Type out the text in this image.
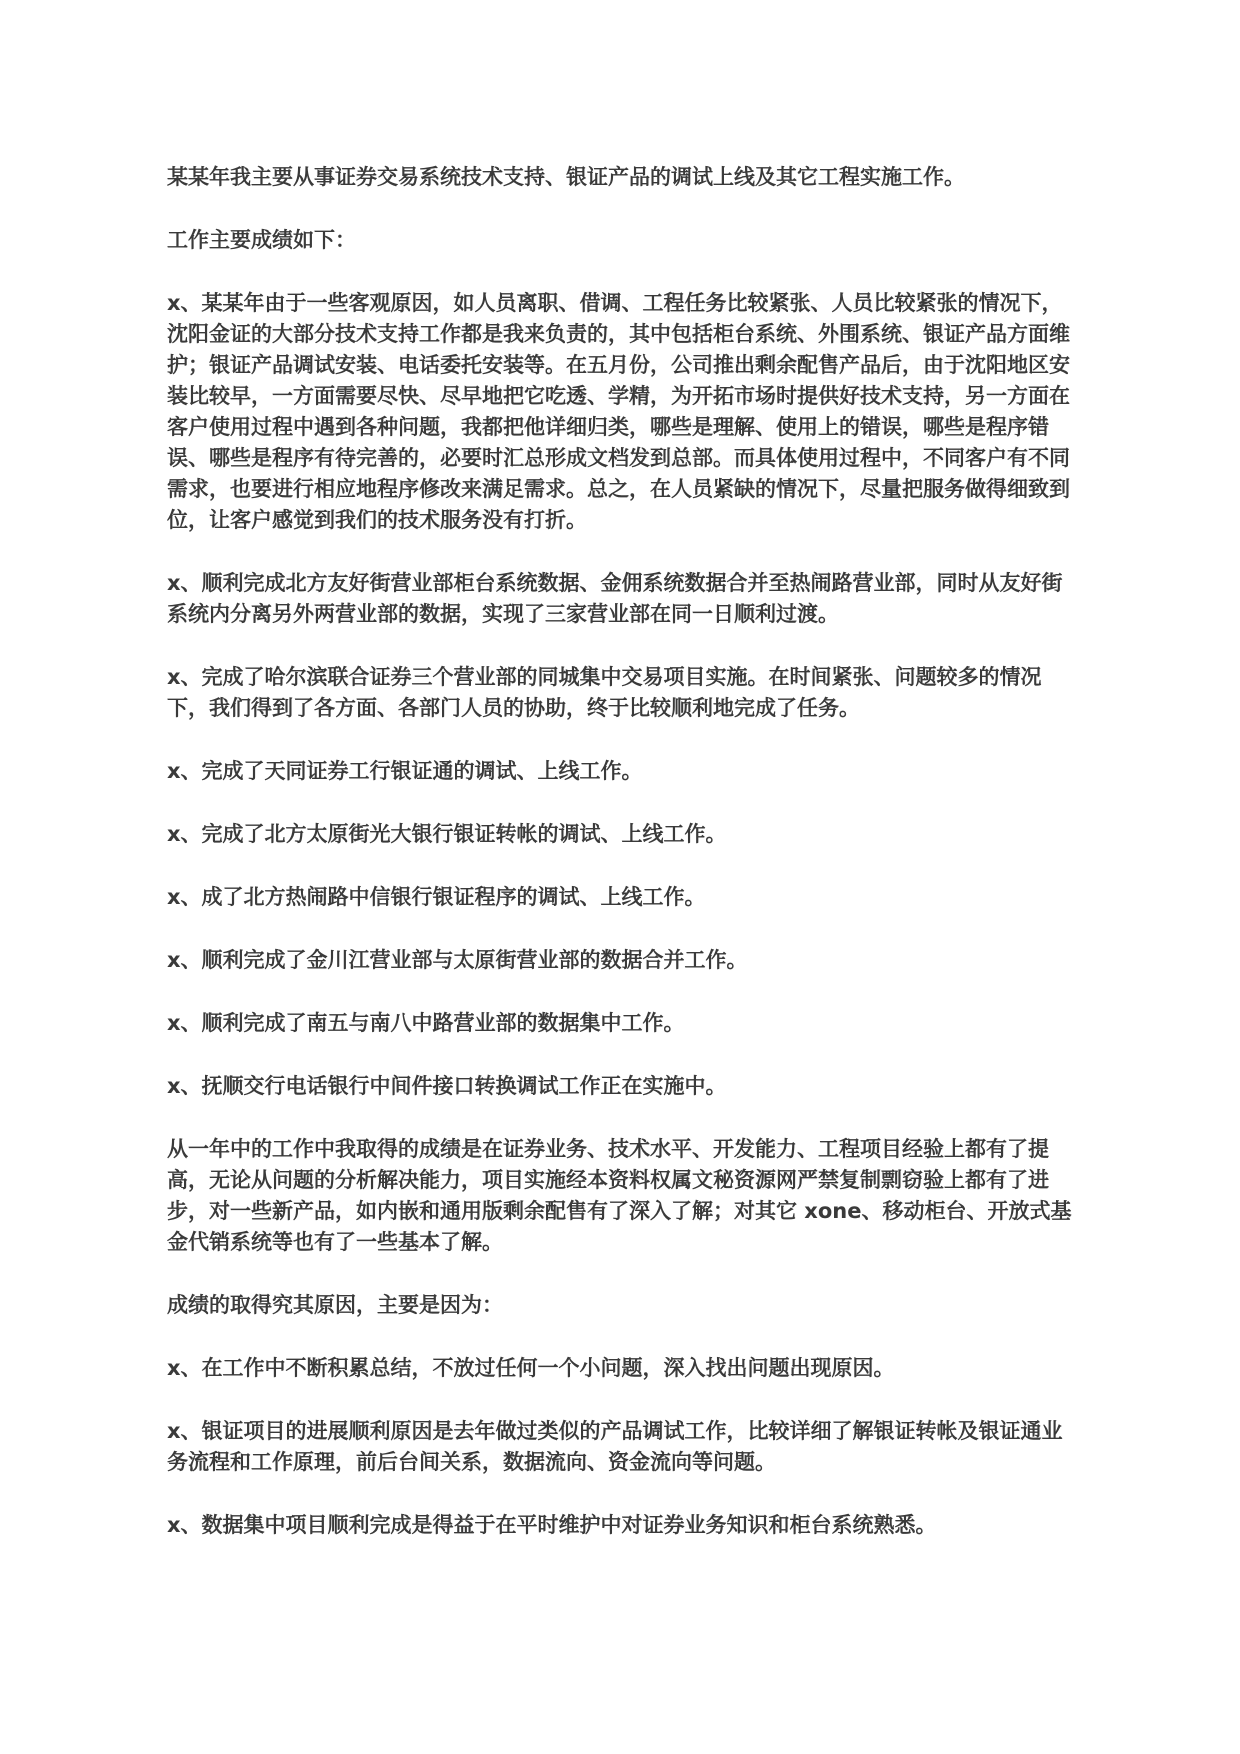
某某年我主要从事证券交易系统技术支持、银证产品的调试上线及其它工程实施工作。

工作主要成绩如下：

x、某某年由于一些客观原因，如人员离职、借调、工程任务比较紧张、人员比较紧张的情况下，沈阳金证的大部分技术支持工作都是我来负责的，其中包括柜台系统、外围系统、银证产品方面维护；银证产品调试安装、电话委托安装等。在五月份，公司推出剩余配售产品后，由于沈阳地区安装比较早，一方面需要尽快、尽早地把它吃透、学精，为开拓市场时提供好技术支持，另一方面在客户使用过程中遇到各种问题，我都把他详细归类，哪些是理解、使用上的错误，哪些是程序错误、哪些是程序有待完善的，必要时汇总形成文档发到总部。而具体使用过程中，不同客户有不同需求，也要进行相应地程序修改来满足需求。总之，在人员紧缺的情况下，尽量把服务做得细致到位，让客户感觉到我们的技术服务没有打折。

x、顺利完成北方友好街营业部柜台系统数据、金佣系统数据合并至热闹路营业部，同时从友好街系统内分离另外两营业部的数据，实现了三家营业部在同一日顺利过渡。

x、完成了哈尔滨联合证券三个营业部的同城集中交易项目实施。在时间紧张、问题较多的情况下，我们得到了各方面、各部门人员的协助，终于比较顺利地完成了任务。

x、完成了天同证券工行银证通的调试、上线工作。

x、完成了北方太原街光大银行银证转帐的调试、上线工作。

x、成了北方热闹路中信银行银证程序的调试、上线工作。

x、顺利完成了金川江营业部与太原街营业部的数据合并工作。

x、顺利完成了南五与南八中路营业部的数据集中工作。

x、抚顺交行电话银行中间件接口转换调试工作正在实施中。

从一年中的工作中我取得的成绩是在证券业务、技术水平、开发能力、工程项目经验上都有了提高，无论从问题的分析解决能力，项目实施经本资料权属文秘资源网严禁复制剽窃验上都有了进步，对一些新产品，如内嵌和通用版剩余配售有了深入了解；对其它 xone、移动柜台、开放式基金代销系统等也有了一些基本了解。

成绩的取得究其原因，主要是因为：

x、在工作中不断积累总结，不放过任何一个小问题，深入找出问题出现原因。

x、银证项目的进展顺利原因是去年做过类似的产品调试工作，比较详细了解银证转帐及银证通业务流程和工作原理，前后台间关系，数据流向、资金流向等问题。

x、数据集中项目顺利完成是得益于在平时维护中对证券业务知识和柜台系统熟悉。
